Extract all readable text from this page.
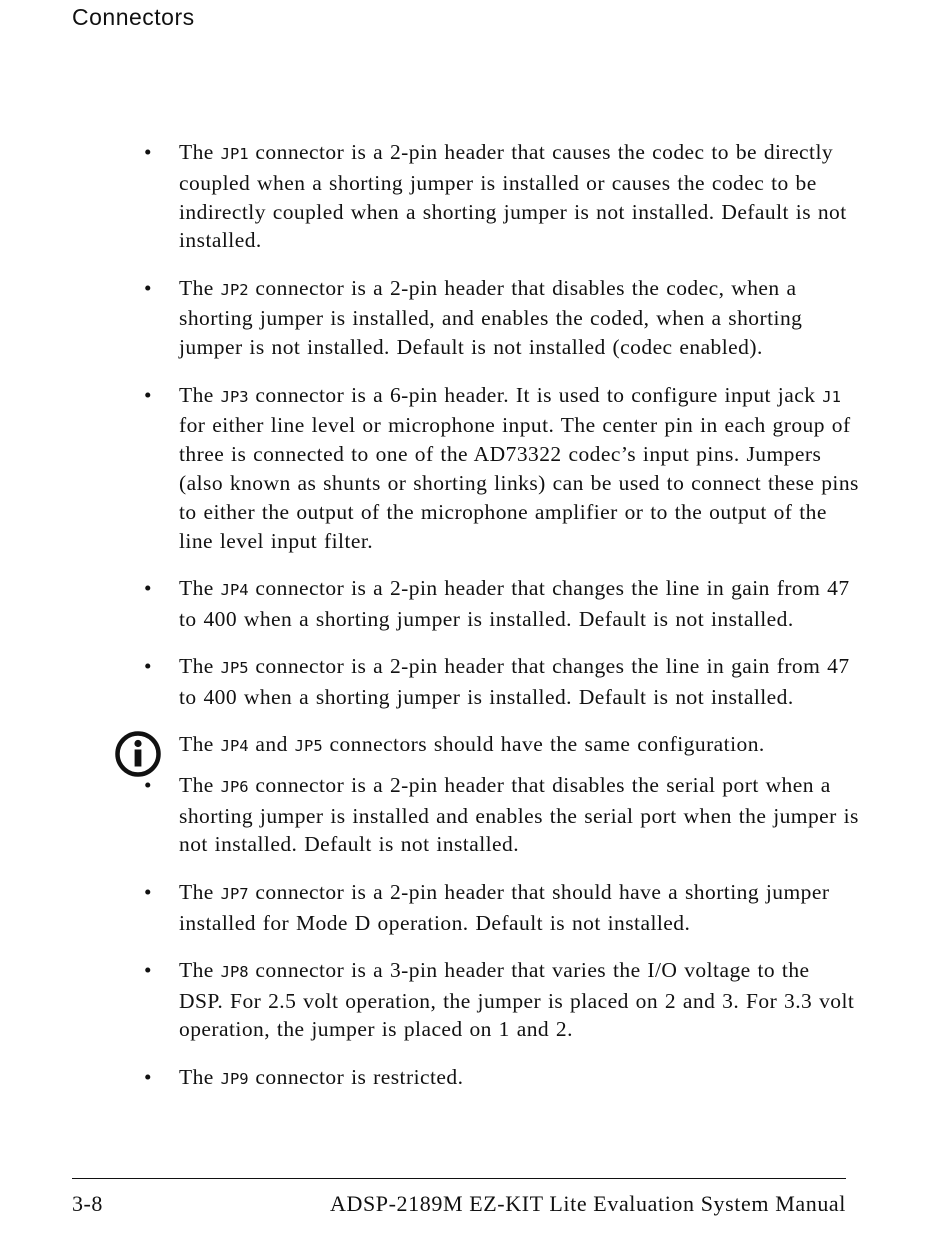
Connectors
• The JP1 connector is a 2-pin header that causes the codec to be directly coupled when a shorting jumper is installed or causes the codec to be indirectly coupled when a shorting jumper is not installed. Default is not installed.
• The JP2 connector is a 2-pin header that disables the codec, when a shorting jumper is installed, and enables the coded, when a shorting jumper is not installed. Default is not installed (codec enabled).
• The JP3 connector is a 6-pin header. It is used to configure input jack J1 for either line level or microphone input. The center pin in each group of three is connected to one of the AD73322 codec’s input pins. Jumpers (also known as shunts or shorting links) can be used to connect these pins to either the output of the microphone amplifier or to the output of the line level input filter.
• The JP4 connector is a 2-pin header that changes the line in gain from 47 to 400 when a shorting jumper is installed. Default is not installed.
• The JP5 connector is a 2-pin header that changes the line in gain from 47 to 400 when a shorting jumper is installed. Default is not installed.
The JP4 and JP5 connectors should have the same configuration.
• The JP6 connector is a 2-pin header that disables the serial port when a shorting jumper is installed and enables the serial port when the jumper is not installed. Default is not installed.
• The JP7 connector is a 2-pin header that should have a shorting jumper installed for Mode D operation. Default is not installed.
• The JP8 connector is a 3-pin header that varies the I/O voltage to the DSP. For 2.5 volt operation, the jumper is placed on 2 and 3. For 3.3 volt operation, the jumper is placed on 1 and 2.
• The JP9 connector is restricted.
3-8	ADSP-2189M EZ-KIT Lite Evaluation System Manual
